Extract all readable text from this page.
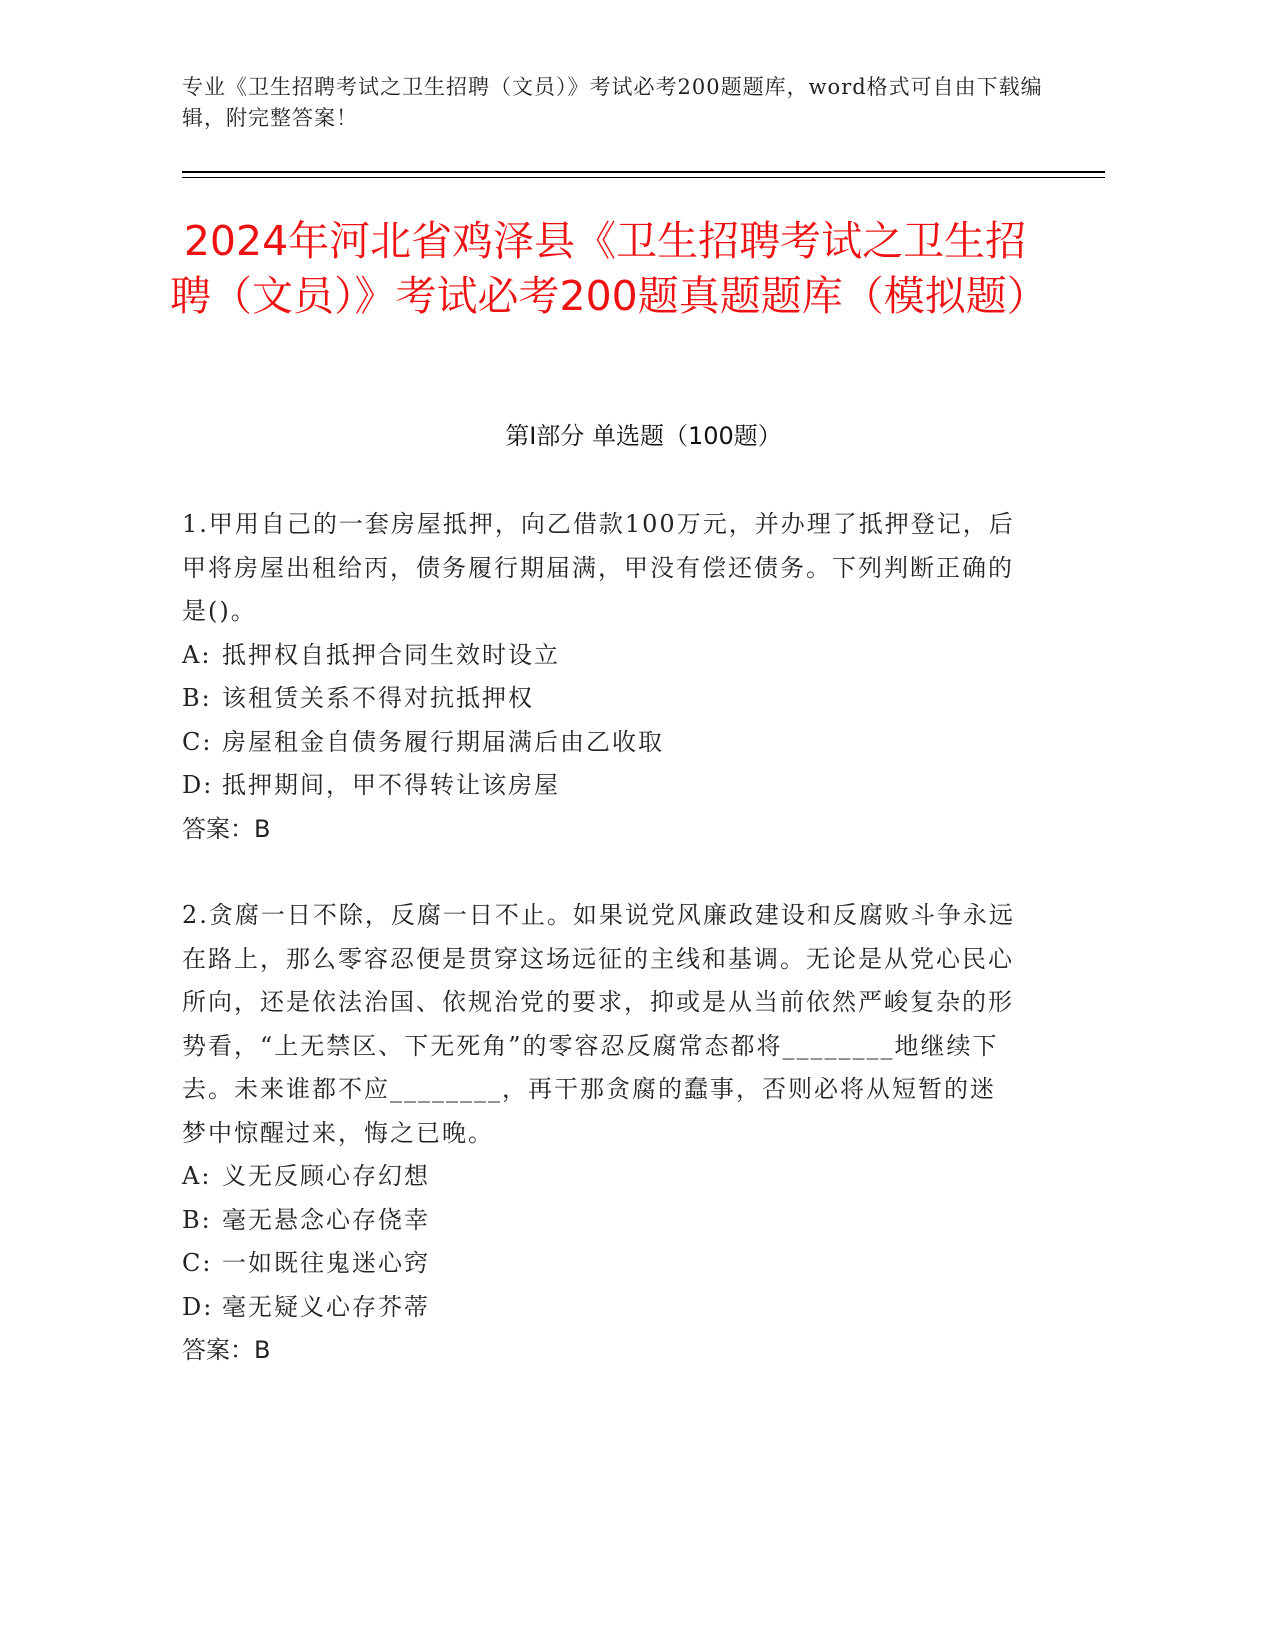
专业《卫生招聘考试之卫生招聘（文员）》考试必考200题题库，word格式可自由下载编辑，附完整答案！
2024年河北省鸡泽县《卫生招聘考试之卫生招聘（文员）》考试必考200题真题题库（模拟题）
第Ⅰ部分 单选题（100题）

1.甲用自己的一套房屋抵押，向乙借款100万元，并办理了抵押登记，后甲将房屋出租给丙，债务履行期届满，甲没有偿还债务。下列判断正确的是()。

A: 抵押权自抵押合同生效时设立
B: 该租赁关系不得对抗抵押权
C: 房屋租金自债务履行期届满后由乙收取
D: 抵押期间，甲不得转让该房屋

答案：B

2.贪腐一日不除，反腐一日不止。如果说党风廉政建设和反腐败斗争永远在路上，那么零容忍便是贯穿这场远征的主线和基调。无论是从党心民心所向，还是依法治国、依规治党的要求，抑或是从当前依然严峻复杂的形势看，“上无禁区、下无死角”的零容忍反腐常态都将________地继续下去。未来谁都不应________，再干那贪腐的蠢事，否则必将从短暂的迷梦中惊醒过来，悔之已晚。

A: 义无反顾心存幻想
B: 毫无悬念心存侥幸
C: 一如既往鬼迷心窍
D: 毫无疑义心存芥蒂

答案：B
